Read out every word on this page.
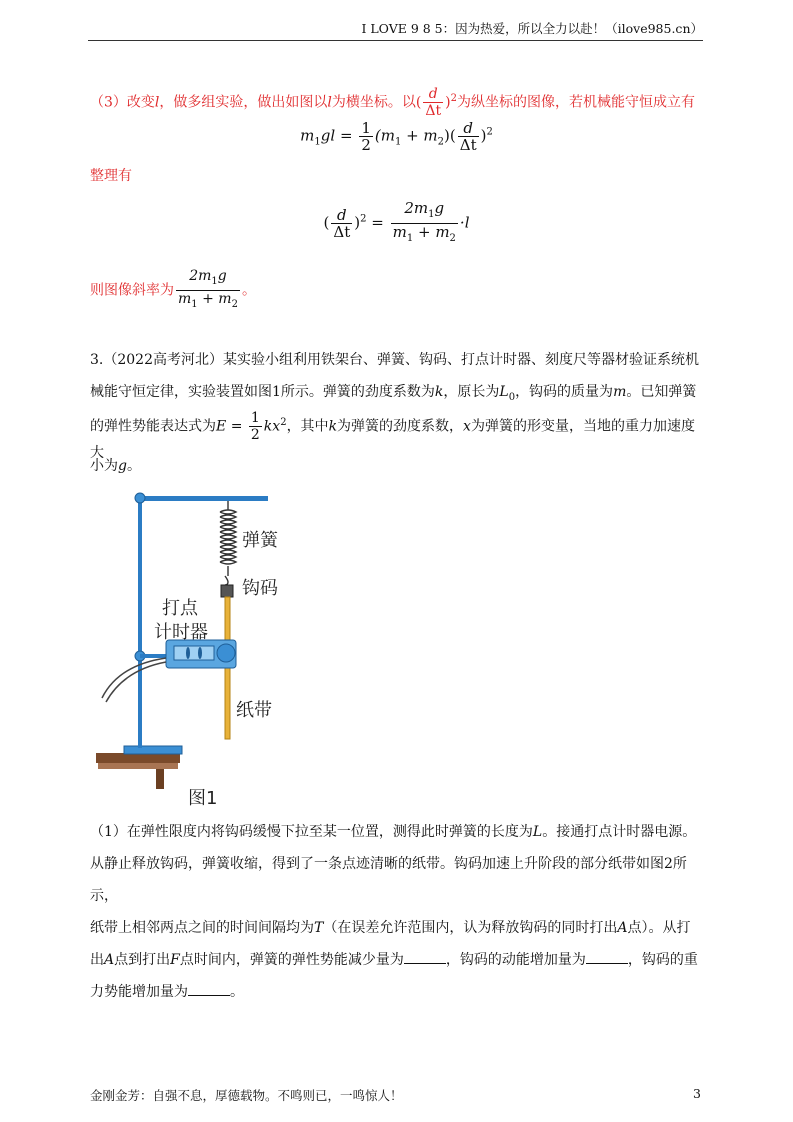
I LOVE 9 8 5：因为热爱，所以全力以赴！（ilove985.cn）
（3）改变l，做多组实验，做出如图以l为横坐标。以( $\frac{d}{\Delta t} )^2$为纵坐标的图像，若机械能守恒成立有
$m_1gl = \frac{1}{2} (m_1 + m_2)( \frac{d}{\Delta t} )^2$
整理有
( $\frac{d}{\Delta t} )^2 = \frac{2m_1g}{m_1 + m_2} \cdot l$
则图像斜率为 $\frac{2m_1g}{m_1 + m_2}$ 。
3.（2022高考河北）某实验小组利用铁架台、弹簧、钩码、打点计时器、刻度尺等器材验证系统机
械能守恒定律，实验装置如图1所示。弹簧的劲度系数为k，原长为$L_0$，钩码的质量为m。已知弹簧
的弹性势能表达式为$E = \frac{1}{2} kx^2$，其中k为弹簧的劲度系数，x为弹簧的形变量，当地的重力加速度大
小为g。
弹簧
钩码
打点
计时器
纸带
图1
（1）在弹性限度内将钩码缓慢下拉至某一位置，测得此时弹簧的长度为L。接通打点计时器电源。
从静止释放钩码，弹簧收缩，得到了一条点迹清晰的纸带。钩码加速上升阶段的部分纸带如图2所示，
纸带上相邻两点之间的时间间隔均为T（在误差允许范围内，认为释放钩码的同时打出A点）。从打
出A点到打出F点时间内，弹簧的弹性势能减少量为	，钩码的动能增加量为	，钩码的重
力势能增加量为	。
金刚金芳：自强不息，厚德载物。不鸣则已，一鸣惊人！	3
